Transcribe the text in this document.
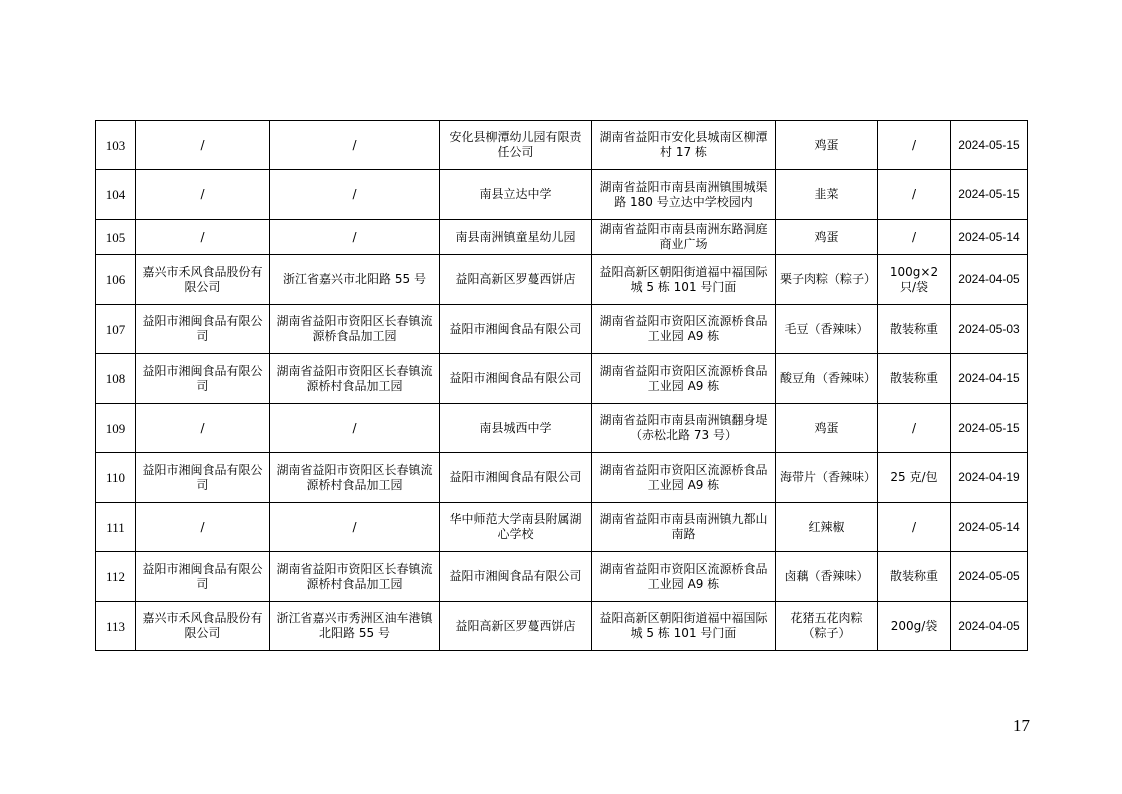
103	/	/	安化县柳潭幼儿园有限责任公司	湖南省益阳市安化县城南区柳潭村 17 栋	鸡蛋	/	2024-05-15
104	/	/	南县立达中学	湖南省益阳市南县南洲镇围城渠路 180 号立达中学校园内	韭菜	/	2024-05-15
105	/	/	南县南洲镇童星幼儿园	湖南省益阳市南县南洲东路洞庭商业广场	鸡蛋	/	2024-05-14
106	嘉兴市禾风食品股份有限公司	浙江省嘉兴市北阳路 55 号	益阳高新区罗蔓西饼店	益阳高新区朝阳街道福中福国际城 5 栋 101 号门面	栗子肉粽（粽子）	100g×2 只/袋	2024-04-05
107	益阳市湘闽食品有限公司	湖南省益阳市资阳区长春镇流源桥食品加工园	益阳市湘闽食品有限公司	湖南省益阳市资阳区流源桥食品工业园 A9 栋	毛豆（香辣味）	散装称重	2024-05-03
108	益阳市湘闽食品有限公司	湖南省益阳市资阳区长春镇流源桥村食品加工园	益阳市湘闽食品有限公司	湖南省益阳市资阳区流源桥食品工业园 A9 栋	酸豆角（香辣味）	散装称重	2024-04-15
109	/	/	南县城西中学	湖南省益阳市南县南洲镇翻身堤（赤松北路 73 号）	鸡蛋	/	2024-05-15
110	益阳市湘闽食品有限公司	湖南省益阳市资阳区长春镇流源桥村食品加工园	益阳市湘闽食品有限公司	湖南省益阳市资阳区流源桥食品工业园 A9 栋	海带片（香辣味）	25 克/包	2024-04-19
111	/	/	华中师范大学南县附属湖心学校	湖南省益阳市南县南洲镇九都山南路	红辣椒	/	2024-05-14
112	益阳市湘闽食品有限公司	湖南省益阳市资阳区长春镇流源桥村食品加工园	益阳市湘闽食品有限公司	湖南省益阳市资阳区流源桥食品工业园 A9 栋	卤藕（香辣味）	散装称重	2024-05-05
113	嘉兴市禾风食品股份有限公司	浙江省嘉兴市秀洲区油车港镇北阳路 55 号	益阳高新区罗蔓西饼店	益阳高新区朝阳街道福中福国际城 5 栋 101 号门面	花猪五花肉粽（粽子）	200g/袋	2024-04-05
17
